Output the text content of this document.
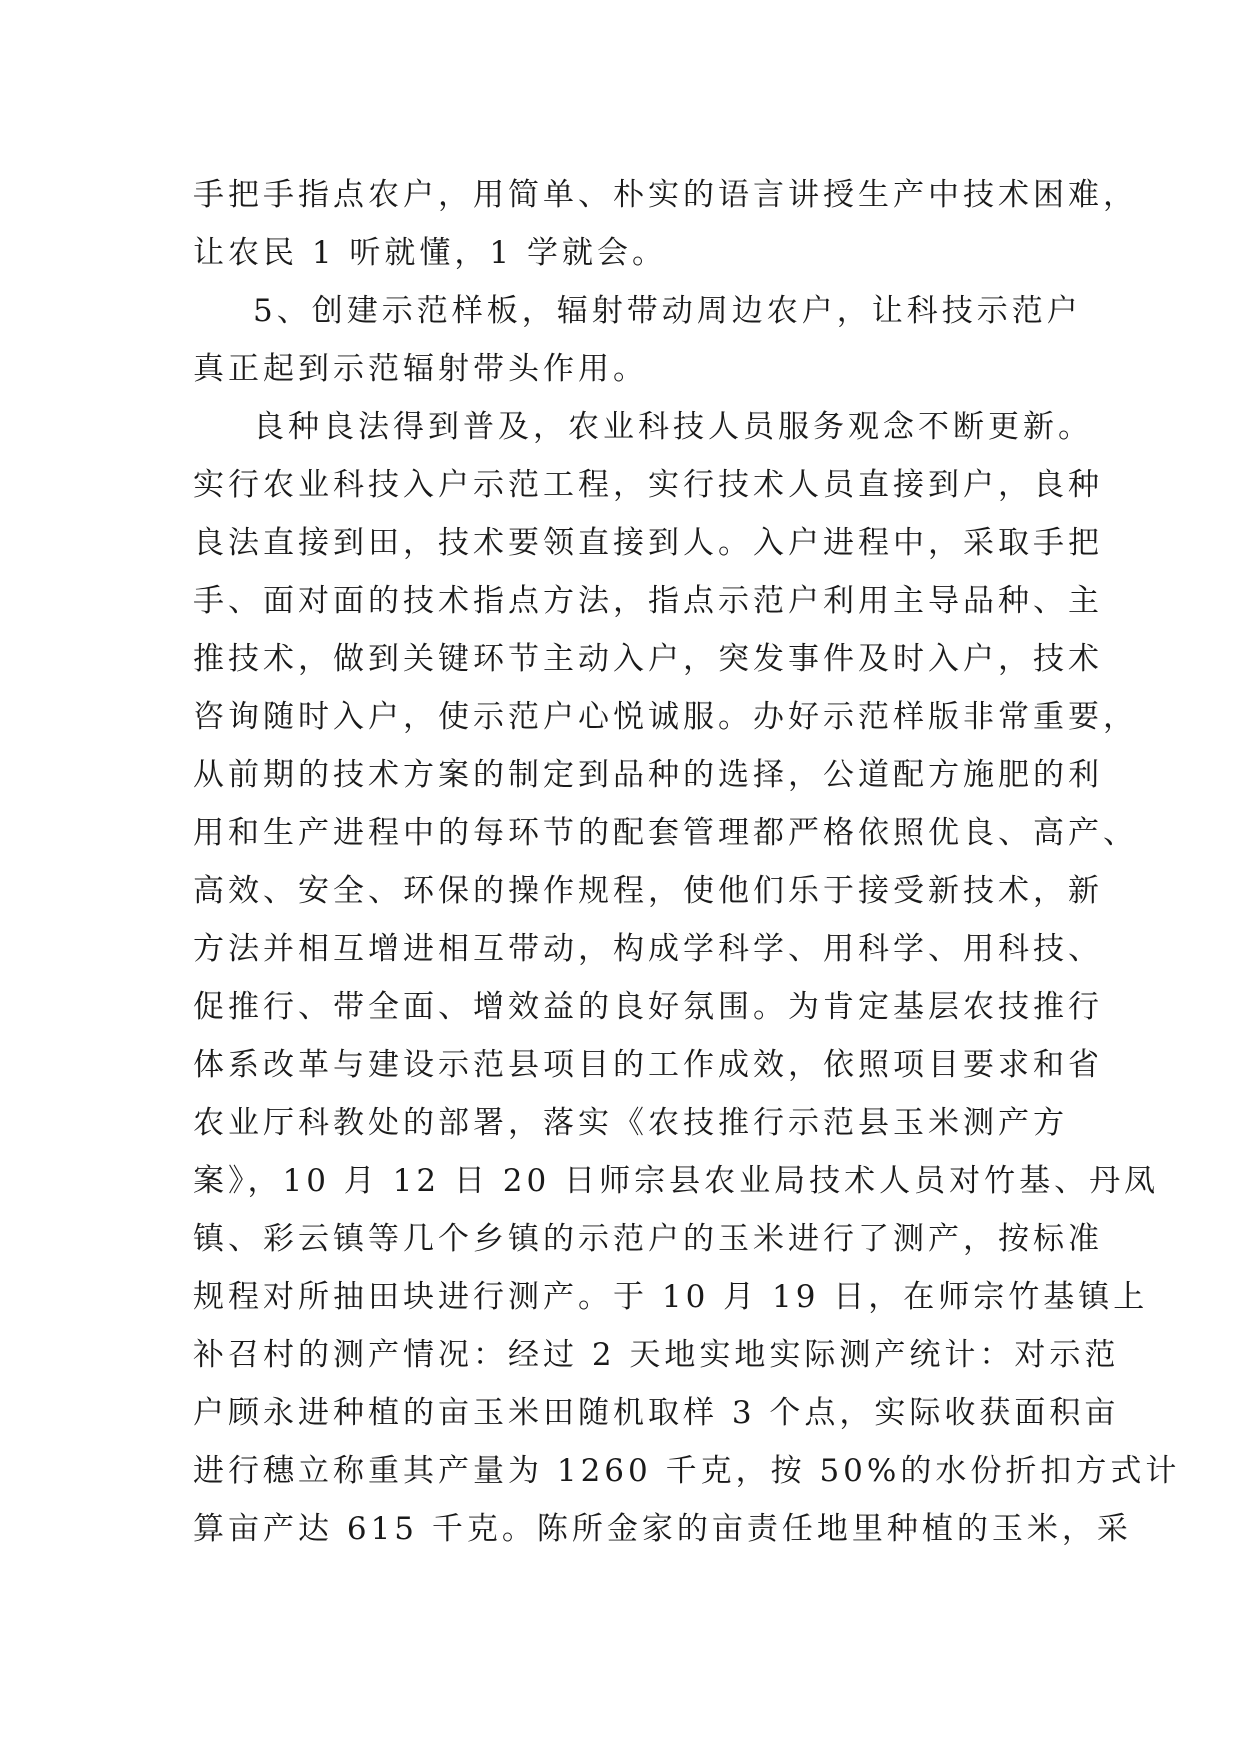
手把手指点农户，用简单、朴实的语言讲授生产中技术困难，
让农民 1 听就懂，1 学就会。
5、创建示范样板，辐射带动周边农户，让科技示范户
真正起到示范辐射带头作用。
良种良法得到普及，农业科技人员服务观念不断更新。
实行农业科技入户示范工程，实行技术人员直接到户，良种
良法直接到田，技术要领直接到人。入户进程中，采取手把
手、面对面的技术指点方法，指点示范户利用主导品种、主
推技术，做到关键环节主动入户，突发事件及时入户，技术
咨询随时入户，使示范户心悦诚服。办好示范样版非常重要，
从前期的技术方案的制定到品种的选择，公道配方施肥的利
用和生产进程中的每环节的配套管理都严格依照优良、高产、
高效、安全、环保的操作规程，使他们乐于接受新技术，新
方法并相互增进相互带动，构成学科学、用科学、用科技、
促推行、带全面、增效益的良好氛围。为肯定基层农技推行
体系改革与建设示范县项目的工作成效，依照项目要求和省
农业厅科教处的部署，落实《农技推行示范县玉米测产方
案》，10 月 12 日 20 日师宗县农业局技术人员对竹基、丹凤
镇、彩云镇等几个乡镇的示范户的玉米进行了测产，按标准
规程对所抽田块进行测产。于 10 月 19 日，在师宗竹基镇上
补召村的测产情况：经过 2 天地实地实际测产统计：对示范
户顾永进种植的亩玉米田随机取样 3 个点，实际收获面积亩
进行穗立称重其产量为 1260 千克，按 50%的水份折扣方式计
算亩产达 615 千克。陈所金家的亩责任地里种植的玉米，采
